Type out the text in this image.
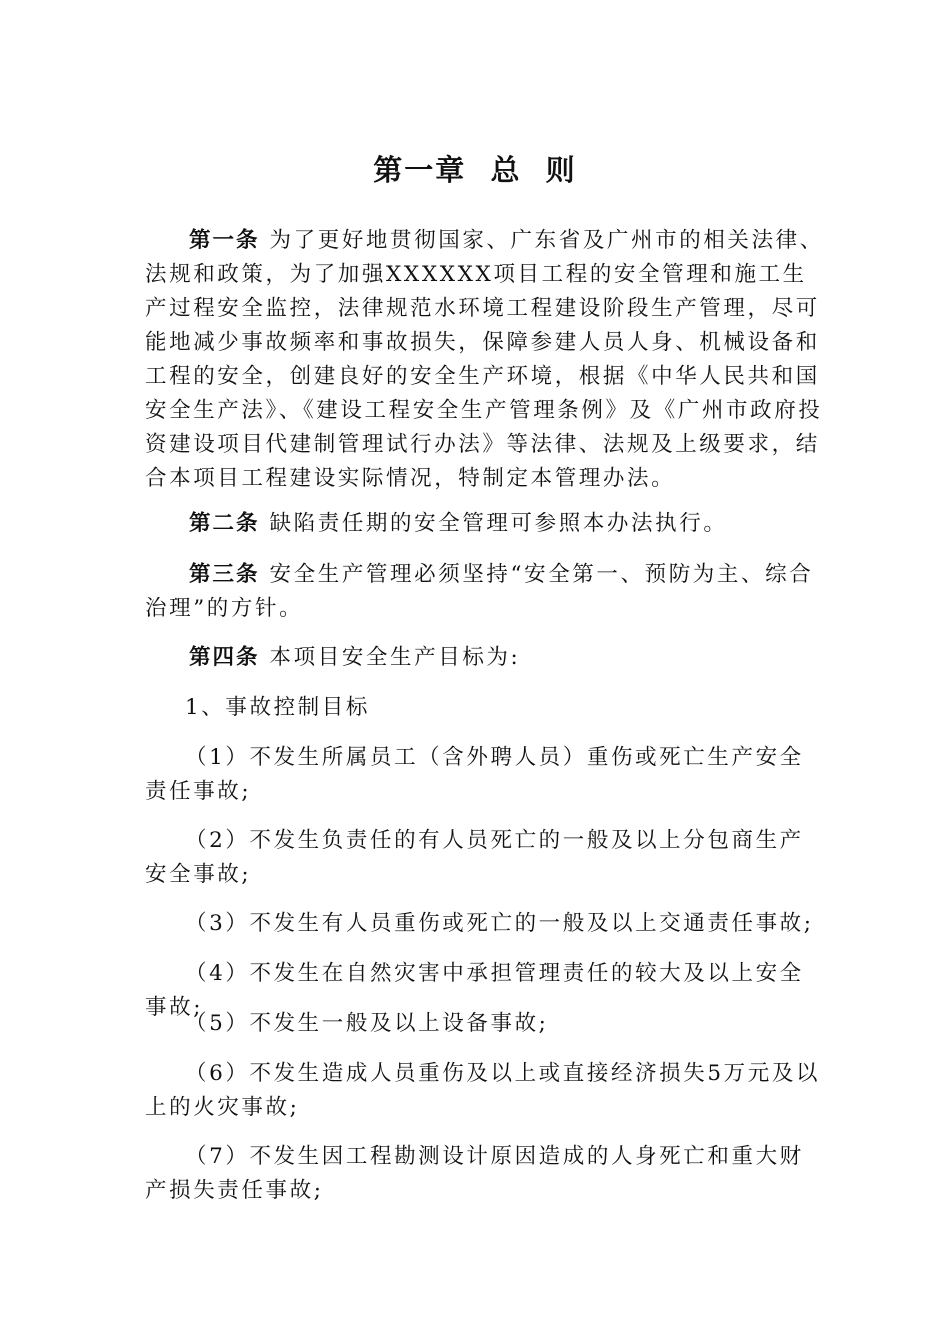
第一章  总  则

第一条 为了更好地贯彻国家、广东省及广州市的相关法律、法规和政策，为了加强XXXXXX项目工程的安全管理和施工生产过程安全监控，法律规范水环境工程建设阶段生产管理，尽可能地减少事故频率和事故损失，保障参建人员人身、机械设备和工程的安全，创建良好的安全生产环境，根据《中华人民共和国安全生产法》、《建设工程安全生产管理条例》及《广州市政府投资建设项目代建制管理试行办法》等法律、法规及上级要求，结合本项目工程建设实际情况，特制定本管理办法。

第二条 缺陷责任期的安全管理可参照本办法执行。

第三条 安全生产管理必须坚持“安全第一、预防为主、综合治理”的方针。

第四条 本项目安全生产目标为:

1、事故控制目标

（1）不发生所属员工（含外聘人员）重伤或死亡生产安全责任事故;

（2）不发生负责任的有人员死亡的一般及以上分包商生产安全事故;

（3）不发生有人员重伤或死亡的一般及以上交通责任事故;

（4）不发生在自然灾害中承担管理责任的较大及以上安全事故;

（5）不发生一般及以上设备事故;

（6）不发生造成人员重伤及以上或直接经济损失5万元及以上的火灾事故;

（7）不发生因工程勘测设计原因造成的人身死亡和重大财产损失责任事故;
